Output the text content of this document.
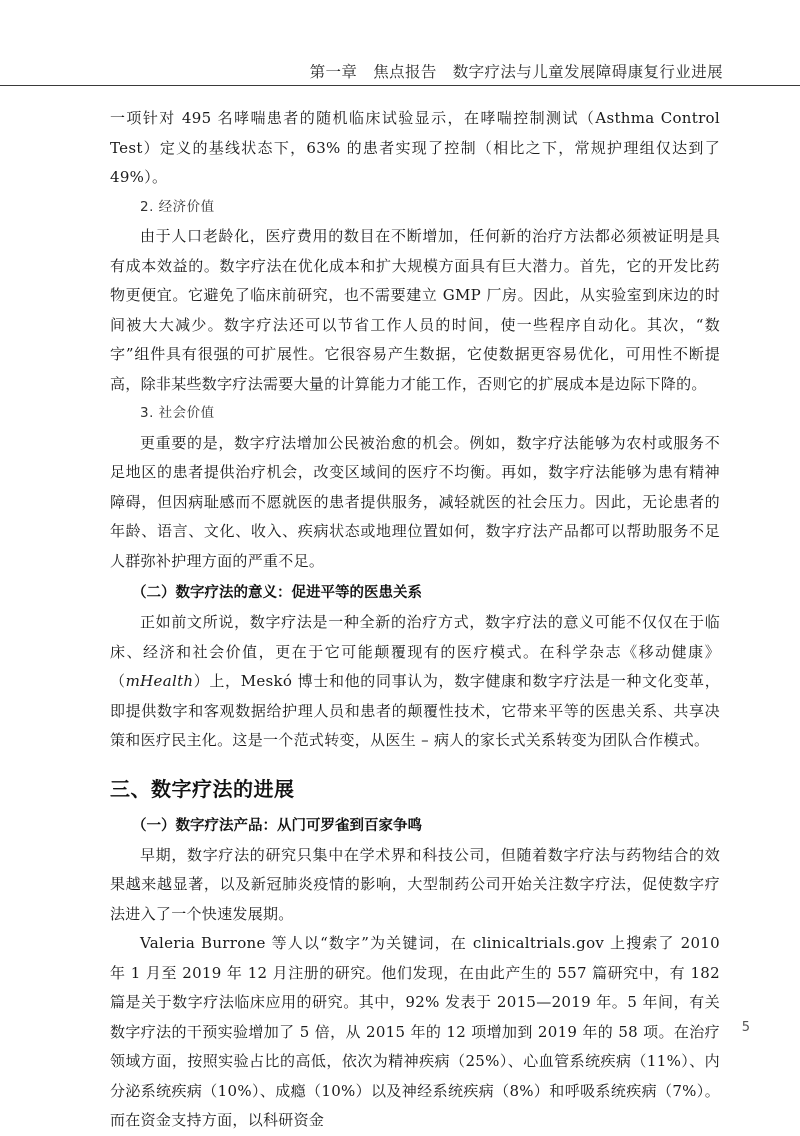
第一章　焦点报告　数字疗法与儿童发展障碍康复行业进展

一项针对 495 名哮喘患者的随机临床试验显示，在哮喘控制测试（Asthma Control Test）定义的基线状态下，63% 的患者实现了控制（相比之下，常规护理组仅达到了 49%）。

2. 经济价值

由于人口老龄化，医疗费用的数目在不断增加，任何新的治疗方法都必须被证明是具有成本效益的。数字疗法在优化成本和扩大规模方面具有巨大潜力。首先，它的开发比药物更便宜。它避免了临床前研究，也不需要建立 GMP 厂房。因此，从实验室到床边的时间被大大减少。数字疗法还可以节省工作人员的时间，使一些程序自动化。其次，“数字”组件具有很强的可扩展性。它很容易产生数据，它使数据更容易优化，可用性不断提高，除非某些数字疗法需要大量的计算能力才能工作，否则它的扩展成本是边际下降的。

3. 社会价值

更重要的是，数字疗法增加公民被治愈的机会。例如，数字疗法能够为农村或服务不足地区的患者提供治疗机会，改变区域间的医疗不均衡。再如，数字疗法能够为患有精神障碍，但因病耻感而不愿就医的患者提供服务，减轻就医的社会压力。因此，无论患者的年龄、语言、文化、收入、疾病状态或地理位置如何，数字疗法产品都可以帮助服务不足人群弥补护理方面的严重不足。

（二）数字疗法的意义：促进平等的医患关系

正如前文所说，数字疗法是一种全新的治疗方式，数字疗法的意义可能不仅仅在于临床、经济和社会价值，更在于它可能颠覆现有的医疗模式。在科学杂志《移动健康》（mHealth）上，Meskó 博士和他的同事认为，数字健康和数字疗法是一种文化变革，即提供数字和客观数据给护理人员和患者的颠覆性技术，它带来平等的医患关系、共享决策和医疗民主化。这是一个范式转变，从医生 – 病人的家长式关系转变为团队合作模式。

三、数字疗法的进展
（一）数字疗法产品：从门可罗雀到百家争鸣

早期，数字疗法的研究只集中在学术界和科技公司，但随着数字疗法与药物结合的效果越来越显著，以及新冠肺炎疫情的影响，大型制药公司开始关注数字疗法，促使数字疗法进入了一个快速发展期。

Valeria Burrone 等人以“数字”为关键词，在 clinicaltrials.gov 上搜索了 2010 年 1 月至 2019 年 12 月注册的研究。他们发现，在由此产生的 557 篇研究中，有 182 篇是关于数字疗法临床应用的研究。其中，92% 发表于 2015—2019 年。5 年间，有关数字疗法的干预实验增加了 5 倍，从 2015 年的 12 项增加到 2019 年的 58 项。在治疗领域方面，按照实验占比的高低，依次为精神疾病（25%）、心血管系统疾病（11%）、内分泌系统疾病（10%）、成瘾（10%）以及神经系统疾病（8%）和呼吸系统疾病（7%）。而在资金支持方面，以科研资金

5
